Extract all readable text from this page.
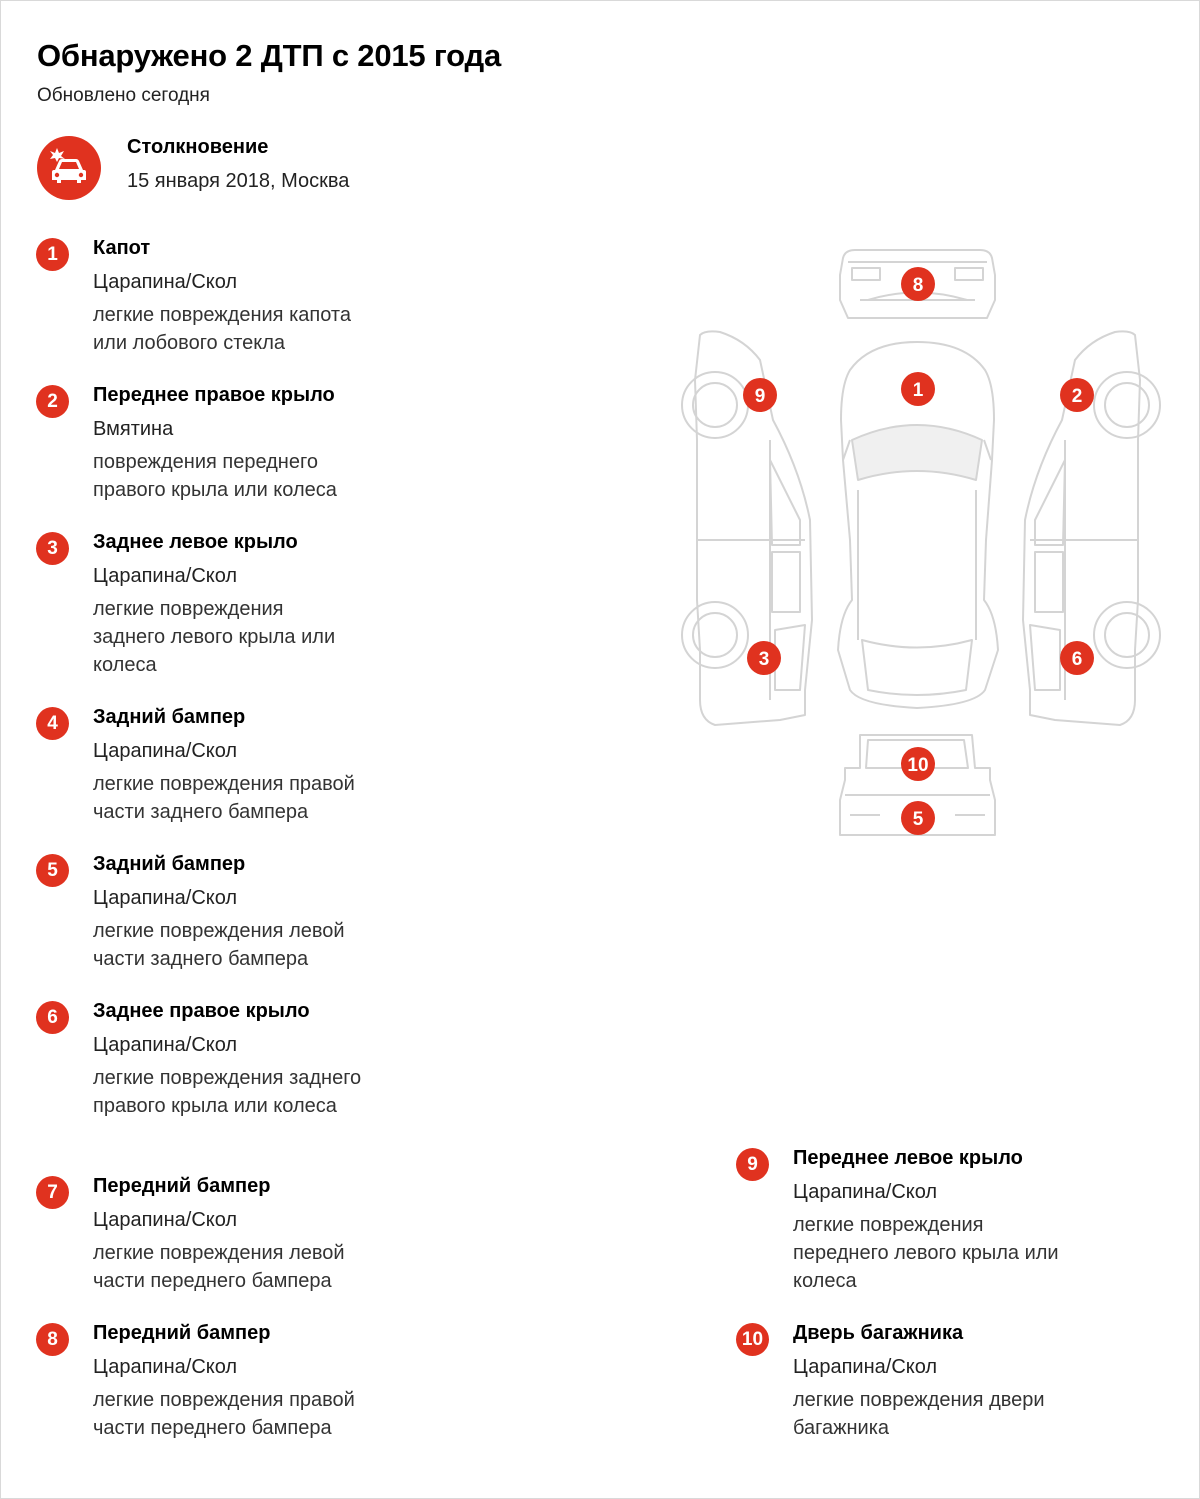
Обнаружено 2 ДТП с 2015 года
Обновлено сегодня
Столкновение
15 января 2018, Москва
1	Капот
Царапина/Скол
легкие повреждения капота или лобового стекла
2	Переднее правое крыло
Вмятина
повреждения переднего правого крыла или колеса
3	Заднее левое крыло
Царапина/Скол
легкие повреждения заднего левого крыла или колеса
4	Задний бампер
Царапина/Скол
легкие повреждения правой части заднего бампера
5	Задний бампер
Царапина/Скол
легкие повреждения левой части заднего бампера
6	Заднее правое крыло
Царапина/Скол
легкие повреждения заднего правого крыла или колеса
7	Передний бампер
Царапина/Скол
легкие повреждения левой части переднего бампера
8	Передний бампер
Царапина/Скол
легкие повреждения правой части переднего бампера
9	Переднее левое крыло
Царапина/Скол
легкие повреждения переднего левого крыла или колеса
10 Дверь багажника
Царапина/Скол
легкие повреждения двери багажника
1	2
3
5
6
8
9
10
